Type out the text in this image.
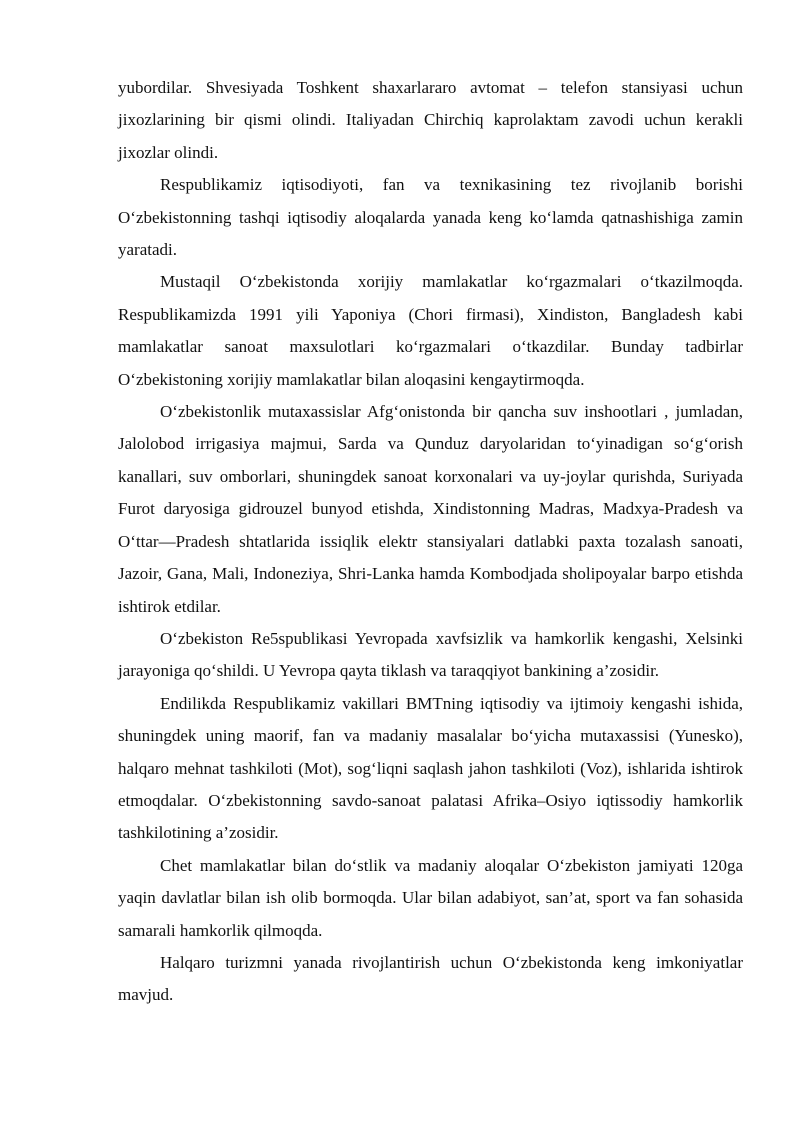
yubordilar. Shvesiyada Toshkent shaxarlararo avtomat – telefon stansiyasi uchun jixozlarining bir qismi olindi. Italiyadan Chirchiq kaprolaktam zavodi uchun kerakli jixozlar olindi.

Respublikamiz iqtisodiyoti, fan va texnikasining tez rivojlanib borishi O‘zbekistonning tashqi iqtisodiy aloqalarda yanada keng ko‘lamda qatnashishiga zamin yaratadi.

Mustaqil O‘zbekistonda xorijiy mamlakatlar ko‘rgazmalari o‘tkazilmoqda. Respublikamizda 1991 yili Yaponiya (Chori firmasi), Xindiston, Bangladesh kabi mamlakatlar sanoat maxsulotlari ko‘rgazmalari o‘tkazdilar. Bunday tadbirlar O‘zbekistoning xorijiy mamlakatlar bilan aloqasini kengaytirmoqda.

O‘zbekistonlik mutaxassislar Afg‘onistonda bir qancha suv inshootlari , jumladan, Jalolobod irrigasiya majmui, Sarda va Qunduz daryolaridan to‘yinadigan so‘g‘orish kanallari, suv omborlari, shuningdek sanoat korxonalari va uy-joylar qurishda, Suriyada Furot daryosiga gidrouzel bunyod etishda, Xindistonning Madras, Madxya-Pradesh va O‘ttar—Pradesh shtatlarida issiqlik elektr stansiyalari datlabki paxta tozalash sanoati, Jazoir, Gana, Mali, Indoneziya, Shri-Lanka hamda Kombodjada sholipoyalar barpo etishda ishtirok etdilar.

O‘zbekiston Re5spublikasi Yevropada xavfsizlik va hamkorlik kengashi, Xelsinki jarayoniga qo‘shildi. U Yevropa qayta tiklash va taraqqiyot bankining a’zosidir.

Endilikda Respublikamiz vakillari BMTning iqtisodiy va ijtimoiy kengashi ishida, shuningdek uning maorif, fan va madaniy masalalar bo‘yicha mutaxassisi (Yunesko), halqaro mehnat tashkiloti (Mot), sog‘liqni saqlash jahon tashkiloti (Voz), ishlarida ishtirok etmoqdalar. O‘zbekistonning savdo-sanoat palatasi Afrika–Osiyo iqtissodiy hamkorlik tashkilotining a’zosidir.

Chet mamlakatlar bilan do‘stlik va madaniy aloqalar O‘zbekiston jamiyati 120ga yaqin davlatlar bilan ish olib bormoqda. Ular bilan adabiyot, san’at, sport va fan sohasida samarali hamkorlik qilmoqda.

Halqaro turizmni yanada rivojlantirish uchun O‘zbekistonda keng imkoniyatlar mavjud.
